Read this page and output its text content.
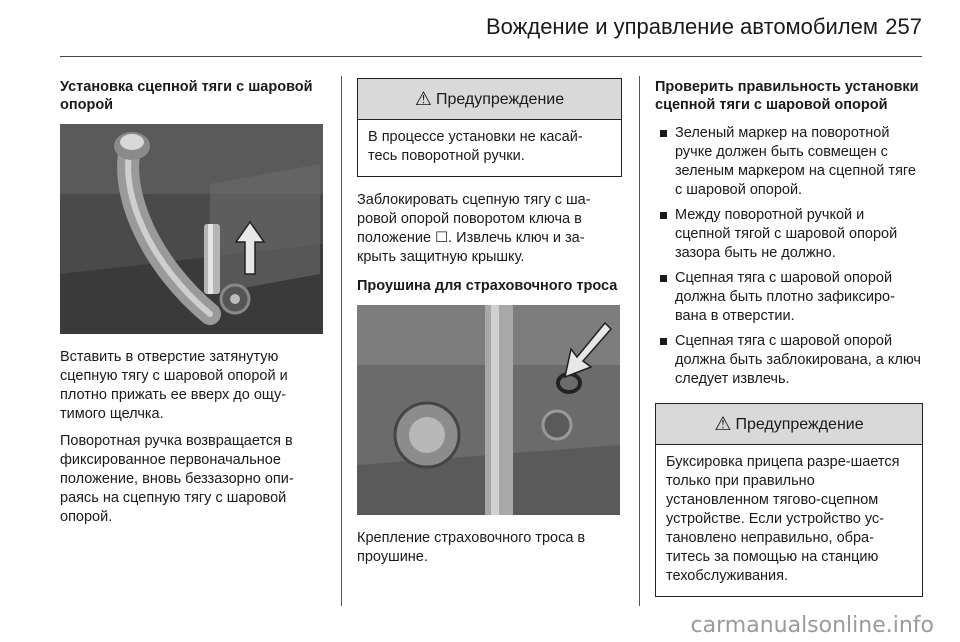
Вождение и управление автомобилем 257
Установка сцепной тяги с шаровой опорой

Вставить в отверстие затянутую сцепную тягу с шаровой опорой и плотно прижать ее вверх до ощу-тимого щелчка.

Поворотная ручка возвращается в фиксированное первоначальное положение, вновь беззазорно опи-раясь на сцепную тягу с шаровой опорой.

⚠ Предупреждение
В процессе установки не касай-тесь поворотной ручки.

Заблокировать сцепную тягу с ша-ровой опорой поворотом ключа в положение ☐. Извлечь ключ и за-крыть защитную крышку.

Проушина для страховочного троса

Крепление страховочного троса в проушине.

Проверить правильность установки сцепной тяги с шаровой опорой
Зеленый маркер на поворотной ручке должен быть совмещен с зеленым маркером на сцепной тяге с шаровой опорой.
Между поворотной ручкой и сцепной тягой с шаровой опорой зазора быть не должно.
Сцепная тяга с шаровой опорой должна быть плотно зафиксиро-вана в отверстии.
Сцепная тяга с шаровой опорой должна быть заблокирована, а ключ следует извлечь.
⚠ Предупреждение
Буксировка прицепа разре-шается только при правильно установленном тягово-сцепном устройстве. Если устройство ус-тановлено неправильно, обра-титесь за помощью на станцию техобслуживания.
carmanualsonline.info
